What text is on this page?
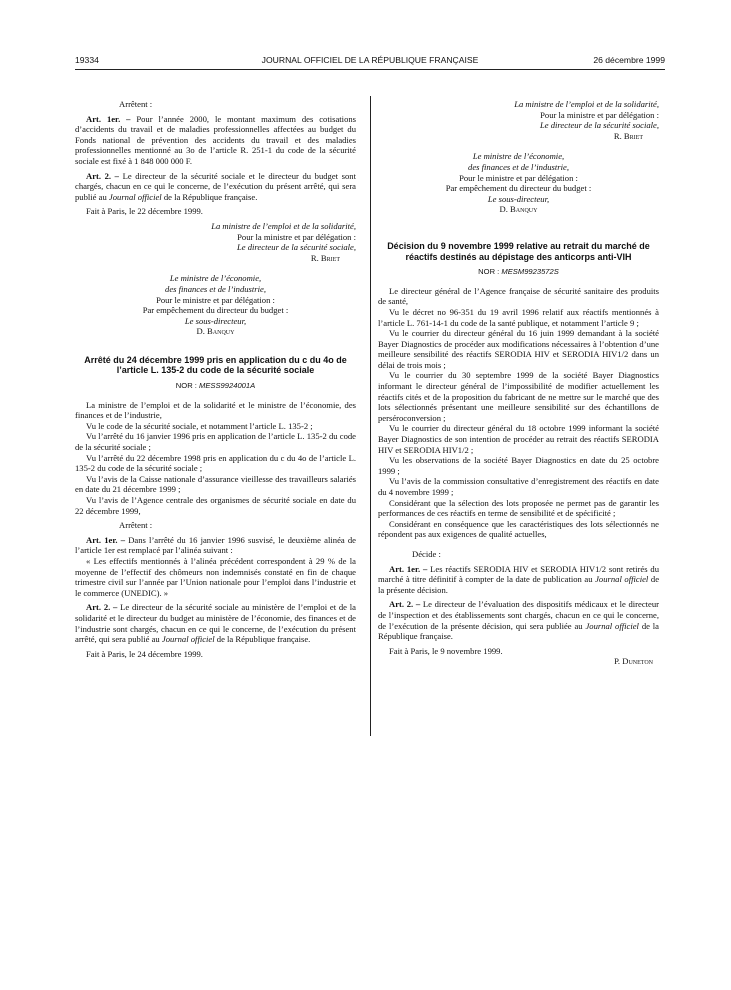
19334	JOURNAL OFFICIEL DE LA RÉPUBLIQUE FRANÇAISE	26 décembre 1999

Arrêtent :

Art. 1er. – Pour l’année 2000, le montant maximum des cotisations d’accidents du travail et de maladies professionnelles affectées au budget du Fonds national de prévention des accidents du travail et des maladies professionnelles mentionné au 3o de l’article R. 251-1 du code de la sécurité sociale est fixé à 1 848 000 000 F.

Art. 2. – Le directeur de la sécurité sociale et le directeur du budget sont chargés, chacun en ce qui le concerne, de l’exécution du présent arrêté, qui sera publié au Journal officiel de la République française.

Fait à Paris, le 22 décembre 1999.

La ministre de l’emploi et de la solidarité,

Pour la ministre et par délégation :

Le directeur de la sécurité sociale,

R. Briet

Le ministre de l’économie,

des finances et de l’industrie,

Pour le ministre et par délégation :

Par empêchement du directeur du budget :

Le sous-directeur,

D. Banquy

Arrêté du 24 décembre 1999 pris en application du c du 4o de l’article L. 135-2 du code de la sécurité sociale

NOR : MESS9924001A

La ministre de l’emploi et de la solidarité et le ministre de l’économie, des finances et de l’industrie,

Vu le code de la sécurité sociale, et notamment l’article L. 135-2 ;

Vu l’arrêté du 16 janvier 1996 pris en application de l’article L. 135-2 du code de la sécurité sociale ;

Vu l’arrêté du 22 décembre 1998 pris en application du c du 4o de l’article L. 135-2 du code de la sécurité sociale ;

Vu l’avis de la Caisse nationale d’assurance vieillesse des travailleurs salariés en date du 21 décembre 1999 ;

Vu l’avis de l’Agence centrale des organismes de sécurité sociale en date du 22 décembre 1999,

Arrêtent :

Art. 1er. – Dans l’arrêté du 16 janvier 1996 susvisé, le deuxième alinéa de l’article 1er est remplacé par l’alinéa suivant :

« Les effectifs mentionnés à l’alinéa précédent correspondent à 29 % de la moyenne de l’effectif des chômeurs non indemnisés constaté en fin de chaque trimestre civil sur l’année par l’Union nationale pour l’emploi dans l’industrie et le commerce (UNEDIC). »

Art. 2. – Le directeur de la sécurité sociale au ministère de l’emploi et de la solidarité et le directeur du budget au ministère de l’économie, des finances et de l’industrie sont chargés, chacun en ce qui le concerne, de l’exécution du présent arrêté, qui sera publié au Journal officiel de la République française.

Fait à Paris, le 24 décembre 1999.

La ministre de l’emploi et de la solidarité,

Pour la ministre et par délégation :

Le directeur de la sécurité sociale,

R. Briet

Le ministre de l’économie,

des finances et de l’industrie,

Pour le ministre et par délégation :

Par empêchement du directeur du budget :

Le sous-directeur,

D. Banquy

Décision du 9 novembre 1999 relative au retrait du marché de réactifs destinés au dépistage des anticorps anti-VIH

NOR : MESM9923572S

Le directeur général de l’Agence française de sécurité sanitaire des produits de santé,

Vu le décret no 96-351 du 19 avril 1996 relatif aux réactifs mentionnés à l’article L. 761-14-1 du code de la santé publique, et notamment l’article 9 ;

Vu le courrier du directeur général du 16 juin 1999 demandant à la société Bayer Diagnostics de procéder aux modifications nécessaires à l’obtention d’une meilleure sensibilité des réactifs SERODIA HIV et SERODIA HIV1/2 dans un délai de trois mois ;

Vu le courrier du 30 septembre 1999 de la société Bayer Diagnostics informant le directeur général de l’impossibilité de modifier actuellement les réactifs cités et de la proposition du fabricant de ne mettre sur le marché que des lots sélectionnés présentant une meilleure sensibilité sur des échantillons de perséroconversion ;

Vu le courrier du directeur général du 18 octobre 1999 informant la société Bayer Diagnostics de son intention de procéder au retrait des réactifs SERODIA HIV et SERODIA HIV1/2 ;

Vu les observations de la société Bayer Diagnostics en date du 25 octobre 1999 ;

Vu l’avis de la commission consultative d’enregistrement des réactifs en date du 4 novembre 1999 ;

Considérant que la sélection des lots proposée ne permet pas de garantir les performances de ces réactifs en terme de sensibilité et de spécificité ;

Considérant en conséquence que les caractéristiques des lots sélectionnés ne répondent pas aux exigences de qualité actuelles,

Décide :

Art. 1er. – Les réactifs SERODIA HIV et SERODIA HIV1/2 sont retirés du marché à titre définitif à compter de la date de publication au Journal officiel de la présente décision.

Art. 2. – Le directeur de l’évaluation des dispositifs médicaux et le directeur de l’inspection et des établissements sont chargés, chacun en ce qui le concerne, de l’exécution de la présente décision, qui sera publiée au Journal officiel de la République française.

Fait à Paris, le 9 novembre 1999.

P. Duneton
